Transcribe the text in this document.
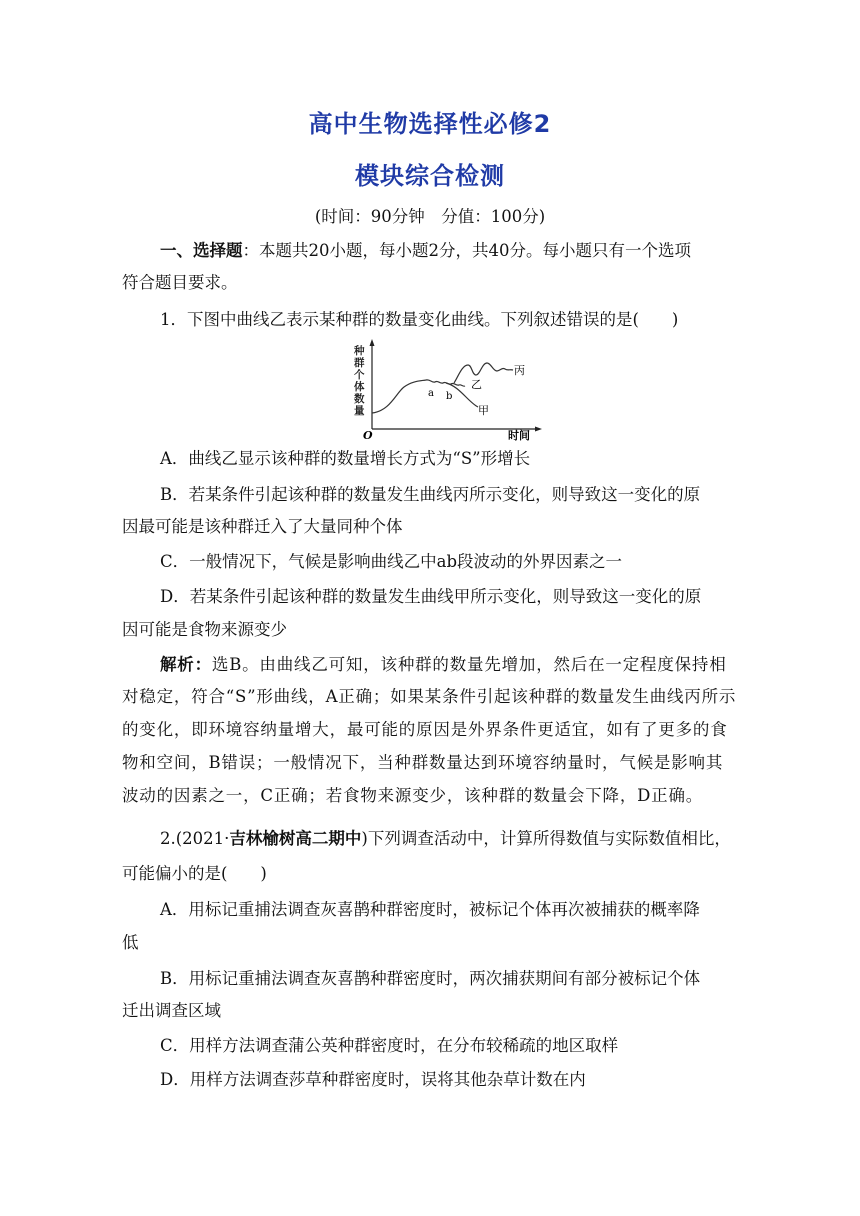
高中生物选择性必修2
模块综合检测
(时间：90分钟　分值：100分)
一、选择题：本题共20小题，每小题2分，共40分。每小题只有一个选项
符合题目要求。
1．下图中曲线乙表示某种群的数量变化曲线。下列叙述错误的是(　　)
种
群
个
体
数
量
O	时间
a b
乙
甲
丙
A．曲线乙显示该种群的数量增长方式为“S”形增长
B．若某条件引起该种群的数量发生曲线丙所示变化，则导致这一变化的原
因最可能是该种群迁入了大量同种个体
C．一般情况下，气候是影响曲线乙中ab段波动的外界因素之一
D．若某条件引起该种群的数量发生曲线甲所示变化，则导致这一变化的原
因可能是食物来源变少
解析：选B。由曲线乙可知，该种群的数量先增加，然后在一定程度保持相
对稳定，符合“S”形曲线，A正确；如果某条件引起该种群的数量发生曲线丙所示
的变化，即环境容纳量增大，最可能的原因是外界条件更适宜，如有了更多的食
物和空间，B错误；一般情况下，当种群数量达到环境容纳量时，气候是影响其
波动的因素之一，C正确；若食物来源变少，该种群的数量会下降，D正确。
2.(2021·吉林榆树高二期中)下列调查活动中，计算所得数值与实际数值相比，
可能偏小的是(　　)
A．用标记重捕法调查灰喜鹊种群密度时，被标记个体再次被捕获的概率降
低
B．用标记重捕法调查灰喜鹊种群密度时，两次捕获期间有部分被标记个体
迁出调查区域
C．用样方法调查蒲公英种群密度时，在分布较稀疏的地区取样
D．用样方法调查莎草种群密度时，误将其他杂草计数在内
